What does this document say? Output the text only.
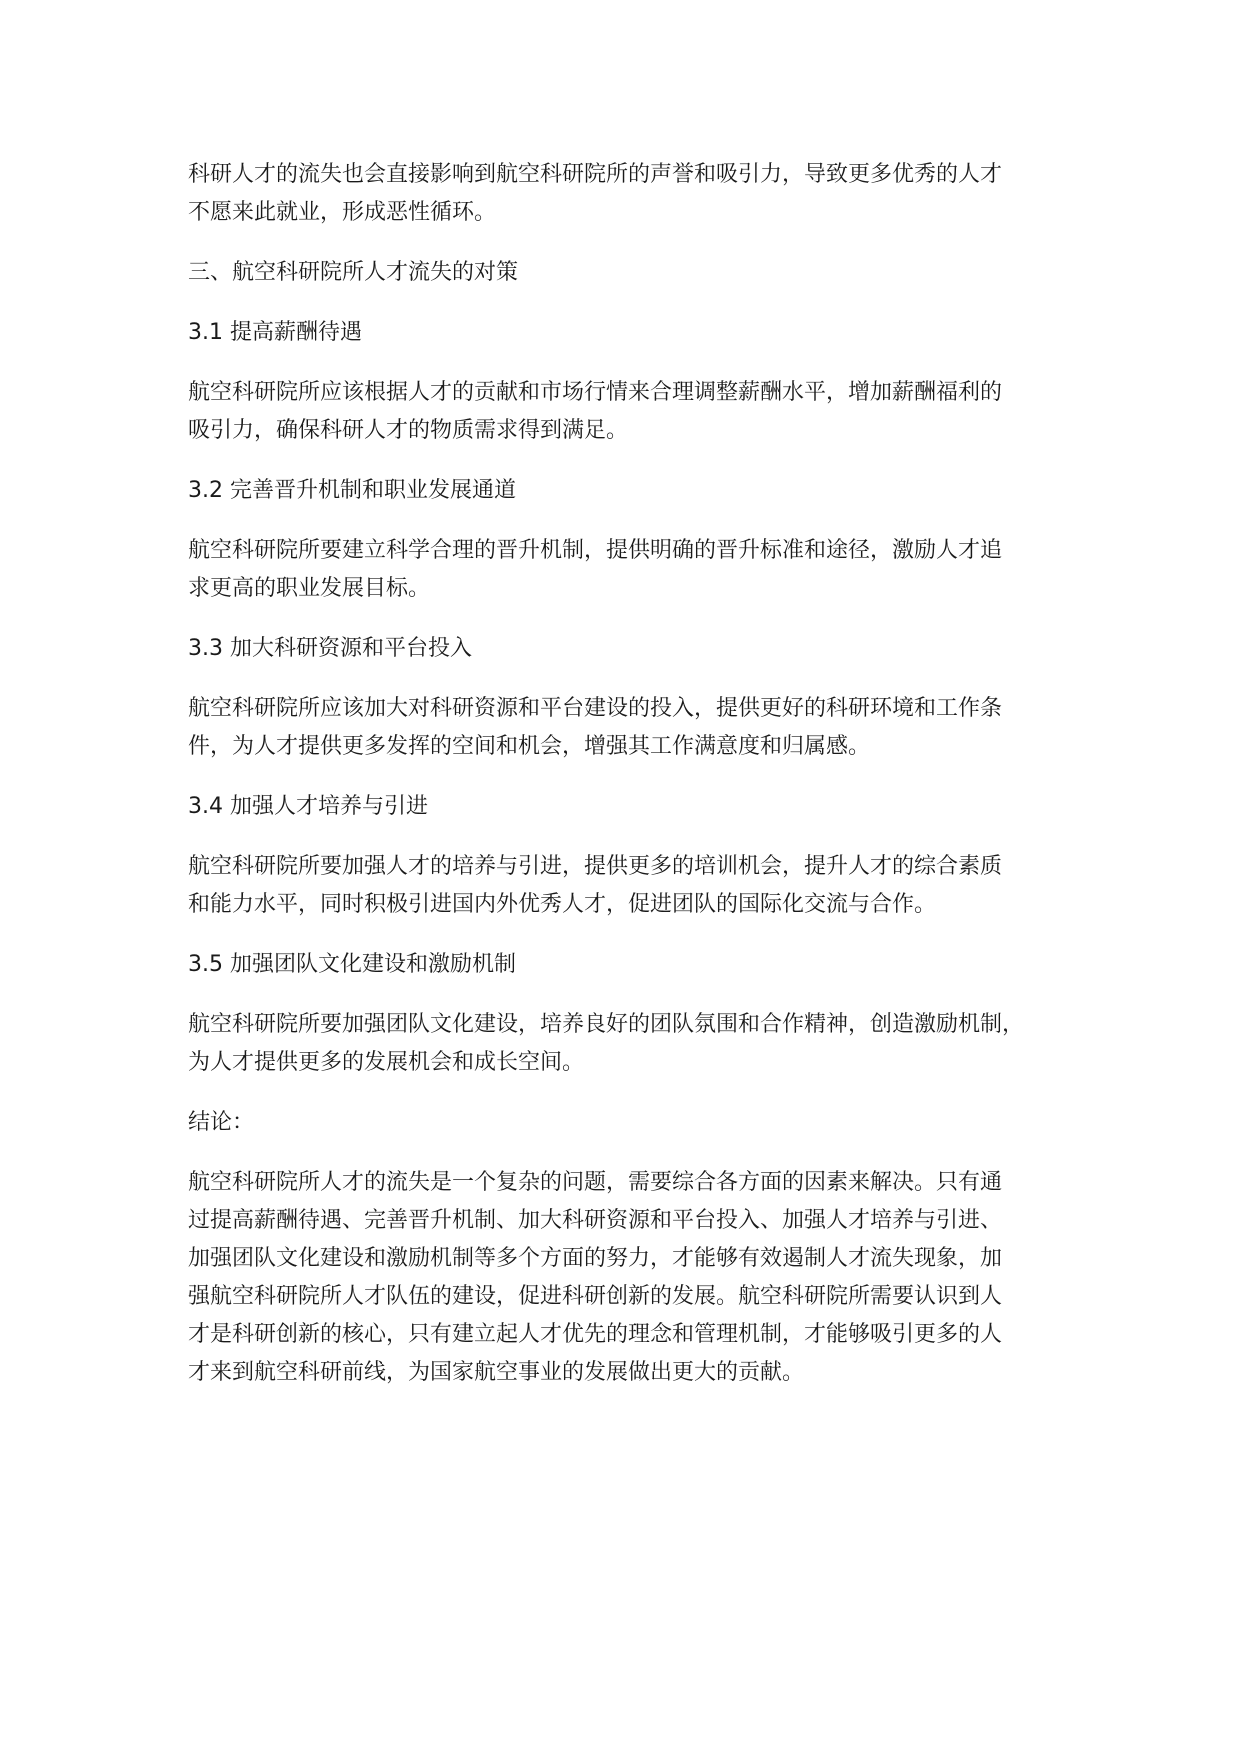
科研人才的流失也会直接影响到航空科研院所的声誉和吸引力，导致更多优秀的人才
不愿来此就业，形成恶性循环。
三、航空科研院所人才流失的对策
3.1 提高薪酬待遇
航空科研院所应该根据人才的贡献和市场行情来合理调整薪酬水平，增加薪酬福利的
吸引力，确保科研人才的物质需求得到满足。
3.2 完善晋升机制和职业发展通道
航空科研院所要建立科学合理的晋升机制，提供明确的晋升标准和途径，激励人才追
求更高的职业发展目标。
3.3 加大科研资源和平台投入
航空科研院所应该加大对科研资源和平台建设的投入，提供更好的科研环境和工作条
件，为人才提供更多发挥的空间和机会，增强其工作满意度和归属感。
3.4 加强人才培养与引进
航空科研院所要加强人才的培养与引进，提供更多的培训机会，提升人才的综合素质
和能力水平，同时积极引进国内外优秀人才，促进团队的国际化交流与合作。
3.5 加强团队文化建设和激励机制
航空科研院所要加强团队文化建设，培养良好的团队氛围和合作精神，创造激励机制，
为人才提供更多的发展机会和成长空间。
结论：
航空科研院所人才的流失是一个复杂的问题，需要综合各方面的因素来解决。只有通
过提高薪酬待遇、完善晋升机制、加大科研资源和平台投入、加强人才培养与引进、
加强团队文化建设和激励机制等多个方面的努力，才能够有效遏制人才流失现象，加
强航空科研院所人才队伍的建设，促进科研创新的发展。航空科研院所需要认识到人
才是科研创新的核心，只有建立起人才优先的理念和管理机制，才能够吸引更多的人
才来到航空科研前线，为国家航空事业的发展做出更大的贡献。
